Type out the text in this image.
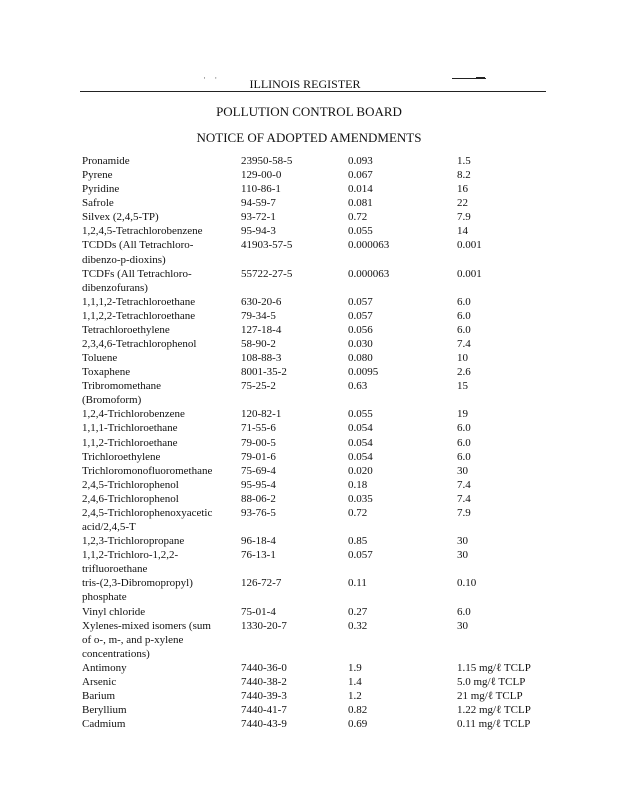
· ·	ILLINOIS REGISTER
POLLUTION CONTROL BOARD
NOTICE OF ADOPTED AMENDMENTS
Pronamide	23950-58-5	0.093	1.5
Pyrene	129-00-0	0.067	8.2
Pyridine	110-86-1	0.014	16
Safrole	94-59-7	0.081	22
Silvex (2,4,5-TP)	93-72-1	0.72	7.9
1,2,4,5-Tetrachlorobenzene	95-94-3	0.055	14
TCDDs (All Tetrachloro-
dibenzo-p-dioxins)	41903-57-5	0.000063	0.001
TCDFs (All Tetrachloro-
dibenzofurans)	55722-27-5	0.000063	0.001
1,1,1,2-Tetrachloroethane	630-20-6	0.057	6.0
1,1,2,2-Tetrachloroethane	79-34-5	0.057	6.0
Tetrachloroethylene	127-18-4	0.056	6.0
2,3,4,6-Tetrachlorophenol	58-90-2	0.030	7.4
Toluene	108-88-3	0.080	10
Toxaphene	8001-35-2	0.0095	2.6
Tribromomethane
(Bromoform)	75-25-2	0.63	15
1,2,4-Trichlorobenzene	120-82-1	0.055	19
1,1,1-Trichloroethane	71-55-6	0.054	6.0
1,1,2-Trichloroethane	79-00-5	0.054	6.0
Trichloroethylene	79-01-6	0.054	6.0
Trichloromonofluoromethane	75-69-4	0.020	30
2,4,5-Trichlorophenol	95-95-4	0.18	7.4
2,4,6-Trichlorophenol	88-06-2	0.035	7.4
2,4,5-Trichlorophenoxyacetic
acid/2,4,5-T	93-76-5	0.72	7.9
1,2,3-Trichloropropane	96-18-4	0.85	30
1,1,2-Trichloro-1,2,2-
trifluoroethane	76-13-1	0.057	30
tris-(2,3-Dibromopropyl)
phosphate	126-72-7	0.11	0.10
Vinyl chloride	75-01-4	0.27	6.0
Xylenes-mixed isomers (sum
of o-, m-, and p-xylene
concentrations)	1330-20-7	0.32	30
Antimony	7440-36-0	1.9	1.15 mg/ℓ TCLP
Arsenic	7440-38-2	1.4	5.0 mg/ℓ TCLP
Barium	7440-39-3	1.2	21 mg/ℓ TCLP
Beryllium	7440-41-7	0.82	1.22 mg/ℓ TCLP
Cadmium	7440-43-9	0.69	0.11 mg/ℓ TCLP
